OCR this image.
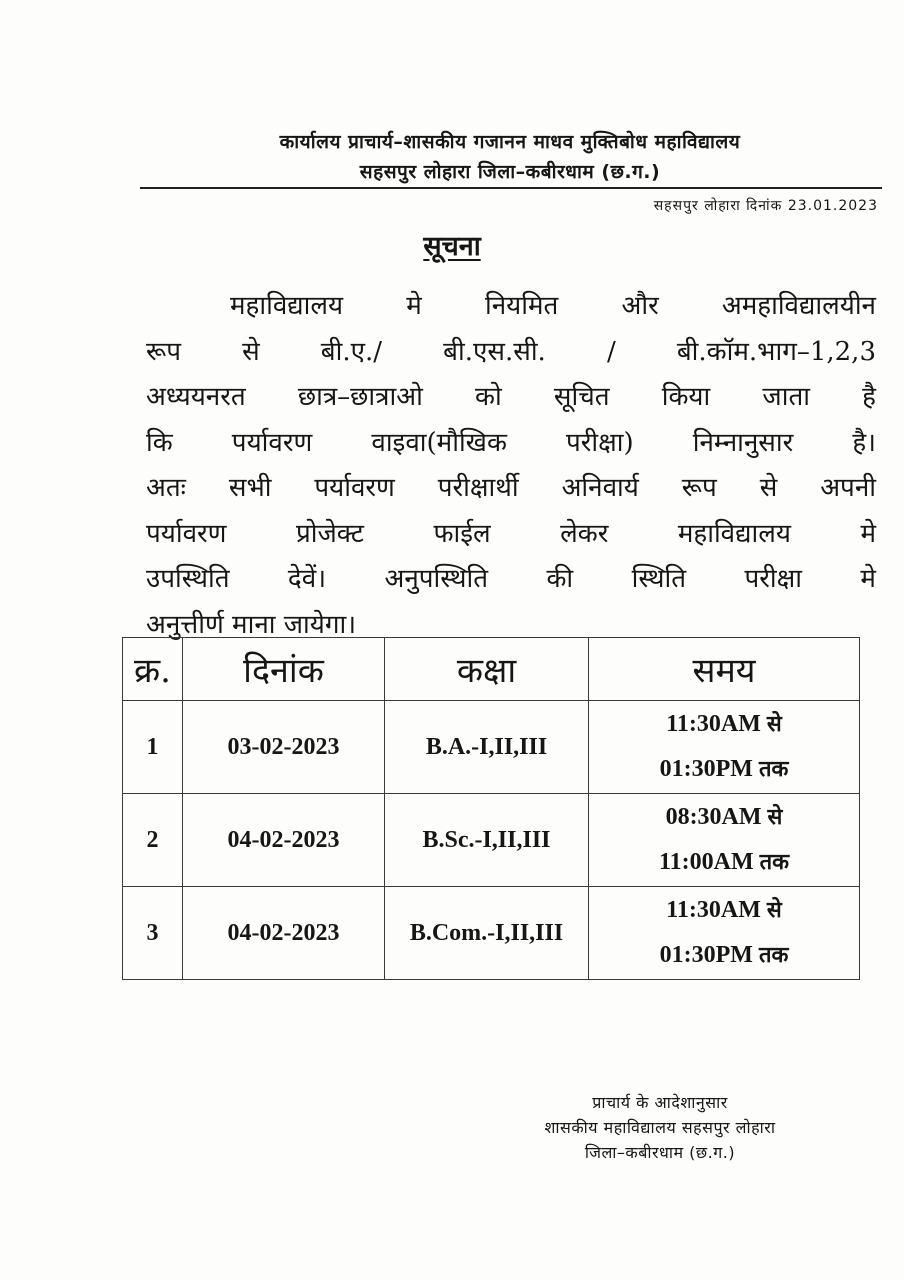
कार्यालय प्राचार्य–शासकीय गजानन माधव मुक्तिबोध महाविद्यालय
सहसपुर लोहारा जिला–कबीरधाम (छ.ग.)
सहसपुर लोहारा दिनांक 23.01.2023
सूचना
महाविद्यालय मे नियमित और अमहाविद्यालयीन
रूप से बी.ए./ बी.एस.सी. / बी.कॉम.भाग–1,2,3
अध्ययनरत छात्र–छात्राओ को सूचित किया जाता है
कि पर्यावरण वाइवा(मौखिक परीक्षा) निम्नानुसार है।
अतः सभी पर्यावरण परीक्षार्थी अनिवार्य रूप से अपनी
पर्यावरण प्रोजेक्ट फाईल लेकर महाविद्यालय मे
उपस्थिति देवें। अनुपस्थिति की स्थिति परीक्षा मे
अनुत्तीर्ण माना जायेगा।
क्र.	दिनांक	कक्षा	समय
1	03-02-2023	B.A.-I,II,III	11:30AM से
01:30PM तक
2	04-02-2023	B.Sc.-I,II,III	08:30AM से
11:00AM तक
3	04-02-2023	B.Com.-I,II,III	11:30AM से
01:30PM तक
प्राचार्य के आदेशानुसार
शासकीय महाविद्यालय सहसपुर लोहारा
जिला–कबीरधाम (छ.ग.)
